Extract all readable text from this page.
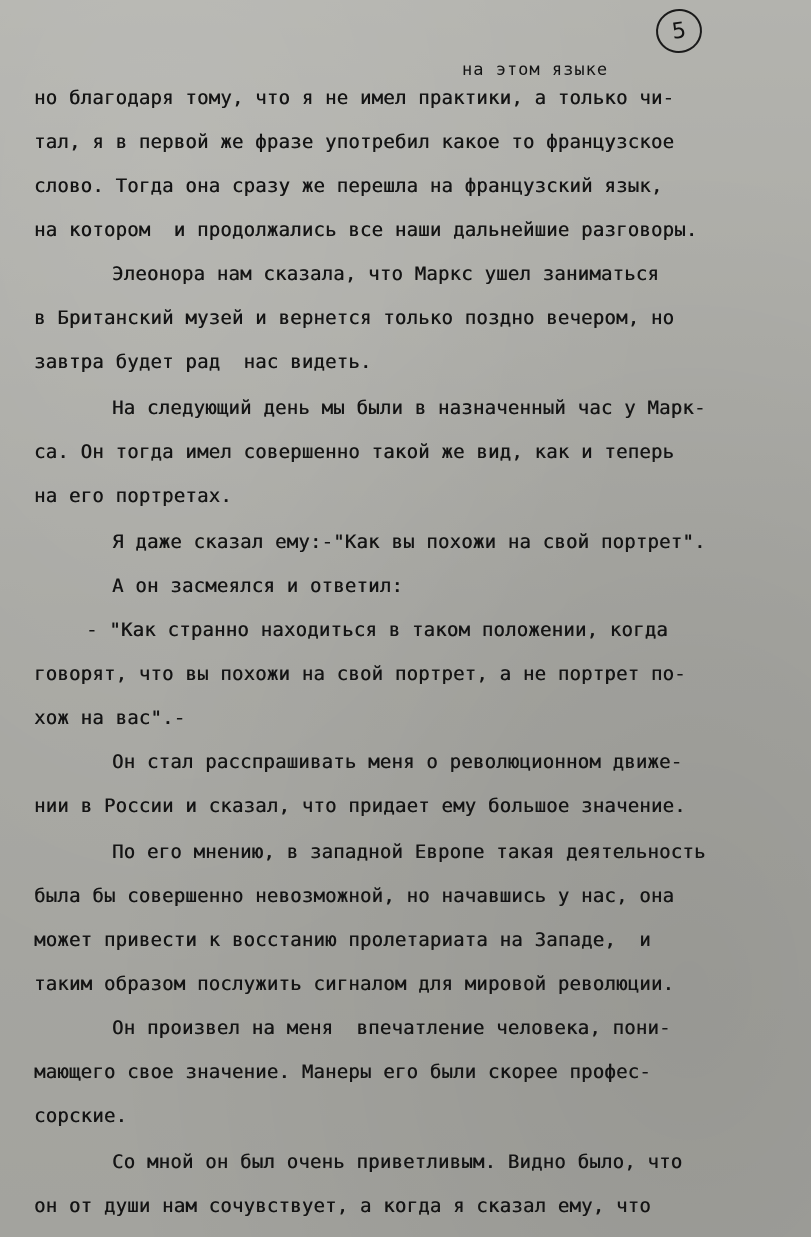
5
на этом языке
но благодаря тому, что я не имел практики, а только чи-
тал, я в первой же фразе употребил какое то французское
слово. Тогда она сразу же перешла на французский язык,
на котором  и продолжались все наши дальнейшие разговоры.
Элеонора нам сказала, что Маркс ушел заниматься
в Британский музей и вернется только поздно вечером, но
завтра будет рад  нас видеть.
На следующий день мы были в назначенный час у Марк-
са. Он тогда имел совершенно такой же вид, как и теперь
на его портретах.
Я даже сказал ему:-"Как вы похожи на свой портрет".
А он засмеялся и ответил:
- "Как странно находиться в таком положении, когда
говорят, что вы похожи на свой портрет, а не портрет по-
хож на вас".-
Он стал расспрашивать меня о революционном движе-
нии в России и сказал, что придает ему большое значение.
По его мнению, в западной Европе такая деятельность
была бы совершенно невозможной, но начавшись у нас, она
может привести к восстанию пролетариата на Западе,  и
таким образом послужить сигналом для мировой революции.
Он произвел на меня  впечатление человека, пони-
мающего свое значение. Манеры его были скорее профес-
сорские.
Со мной он был очень приветливым. Видно было, что
он от души нам сочувствует, а когда я сказал ему, что
